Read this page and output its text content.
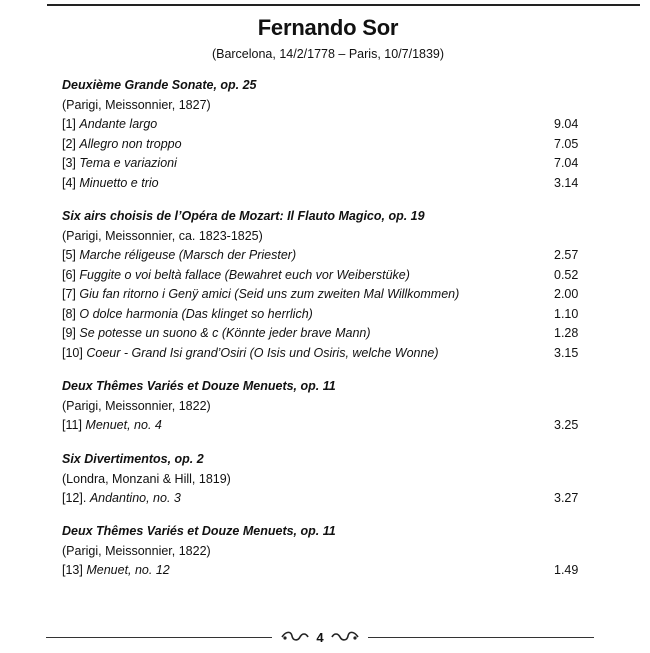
Fernando Sor
(Barcelona, 14/2/1778 – Paris, 10/7/1839)
Deuxième Grande Sonate, op. 25
(Parigi, Meissonnier, 1827)
[1] Andante largo	9.04
[2] Allegro non troppo	7.05
[3] Tema e variazioni	7.04
[4] Minuetto e trio	3.14
Six airs choisis de l’Opéra de Mozart: Il Flauto Magico, op. 19
(Parigi, Meissonnier, ca. 1823-1825)
[5] Marche réligeuse (Marsch der Priester)	2.57
[6] Fuggite o voi beltà fallace (Bewahret euch vor Weiberstüke)	0.52
[7] Giu fan ritorno i Genÿ amici (Seid uns zum zweiten Mal Willkommen)	2.00
[8] O dolce harmonia (Das klinget so herrlich)	1.10
[9] Se potesse un suono & c (Könnte jeder brave Mann)	1.28
[10] Coeur - Grand Isi grand’Osiri (O Isis und Osiris, welche Wonne)	3.15
Deux Thêmes Variés et Douze Menuets, op. 11
(Parigi, Meissonnier, 1822)
[11] Menuet, no. 4	3.25
Six Divertimentos, op. 2
(Londra, Monzani & Hill, 1819)
[12]. Andantino, no. 3	3.27
Deux Thêmes Variés et Douze Menuets, op. 11
(Parigi, Meissonnier, 1822)
[13] Menuet, no. 12	1.49
4
